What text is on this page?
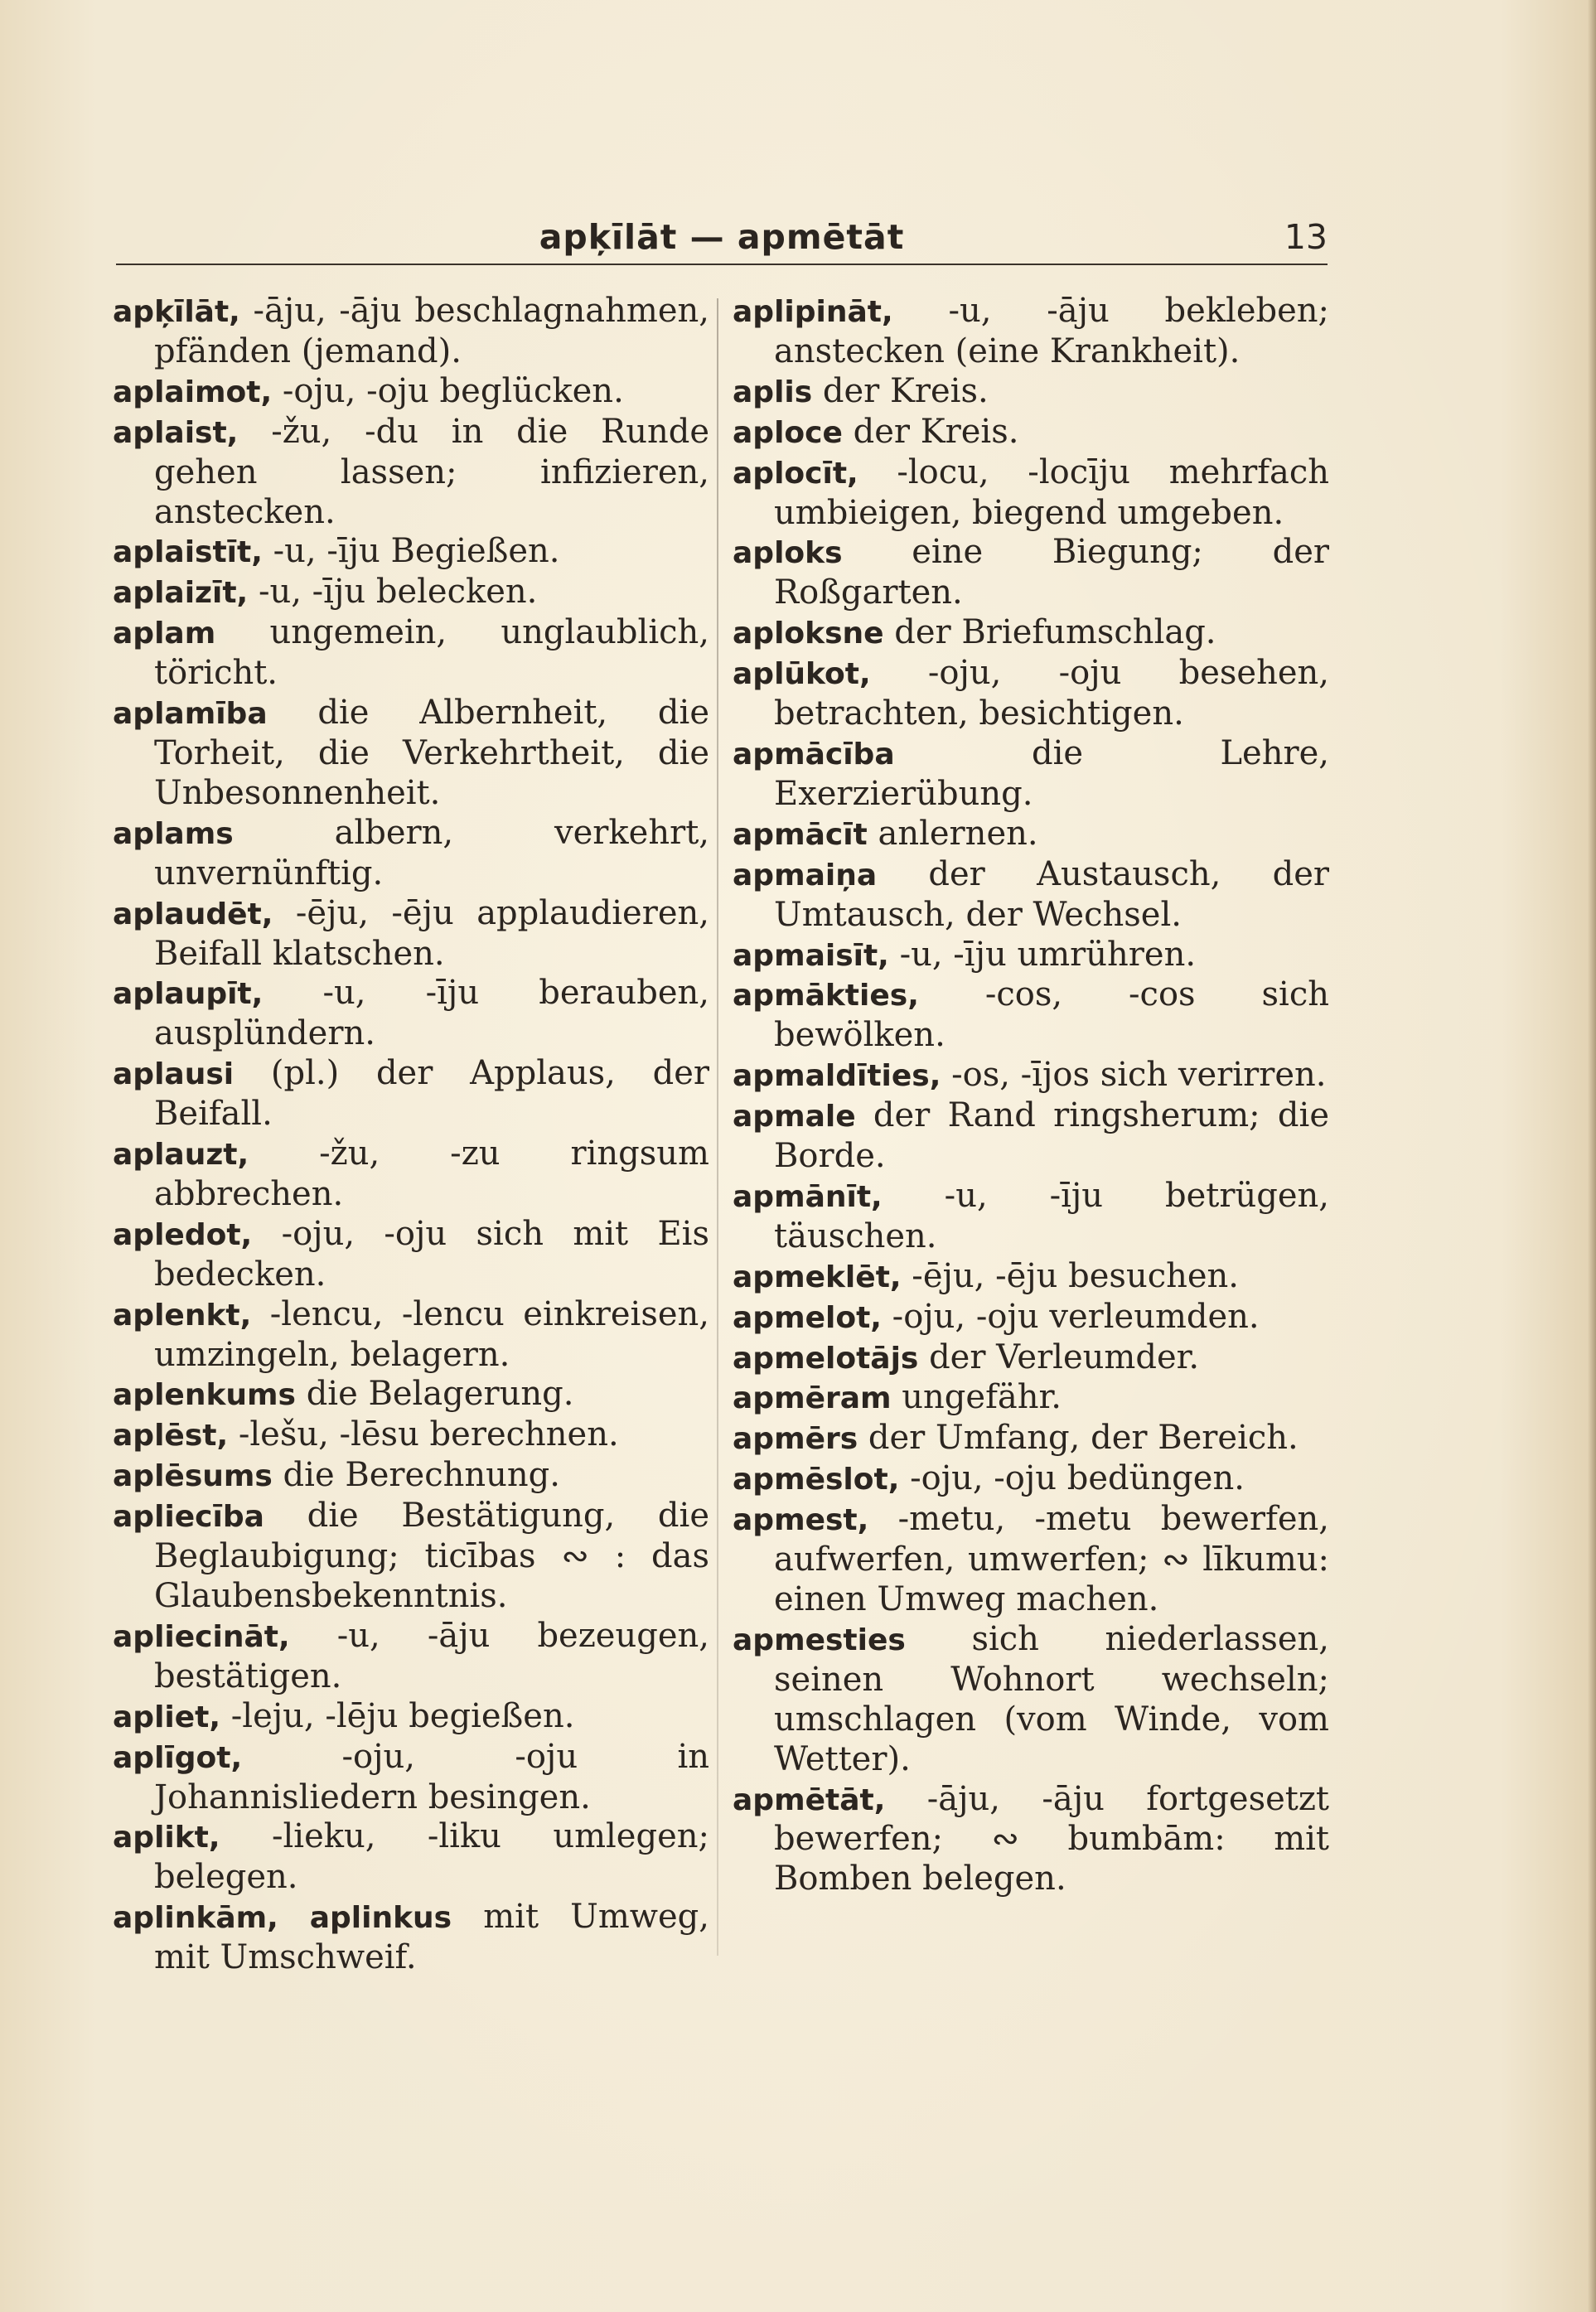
apķīlāt — apmētāt	13

apķīlāt, -āju, -āju beschlagnahmen, pfänden (jemand).

aplaimot, -oju, -oju beglücken.

aplaist, -žu, -du in die Runde gehen lassen; infizieren, anstecken.

aplaistīt, -u, -īju Begießen.

aplaizīt, -u, -īju belecken.

aplam ungemein, unglaublich, töricht.

aplamība die Albernheit, die Torheit, die Verkehrtheit, die Unbesonnenheit.

aplams	albern, verkehrt, unvernünftig.

aplaudēt, -ēju, -ēju applaudieren, Beifall klatschen.

aplaupīt, -u, -īju berauben, ausplündern.

aplausi (pl.) der Applaus, der Beifall.

aplauzt, -žu, -zu ringsum abbrechen.

apledot, -oju, -oju sich mit Eis bedecken.

aplenkt, -lencu, -lencu einkreisen, umzingeln, belagern.

aplenkums die Belagerung.

aplēst, -lešu, -lēsu berechnen.

aplēsums die Berechnung.

apliecība die Bestätigung, die Beglaubigung; ticības ∾ : das Glaubensbekenntnis.

apliecināt, -u, -āju bezeugen, bestätigen.

apliet, -leju, -lēju begießen.

aplīgot,	-oju, -oju in Johannisliedern besingen.

aplikt, -lieku, -liku umlegen; belegen.

aplinkām, aplinkus mit Umweg, mit Umschweif.

aplipināt, -u, -āju bekleben; anstecken (eine Krankheit).

aplis der Kreis.

aploce der Kreis.

aplocīt, -locu, -locīju mehrfach umbieigen, biegend umgeben.

aploks eine Biegung; der Roßgarten.

aploksne der Briefumschlag.

aplūkot, -oju, -oju besehen, betrachten, besichtigen.

apmācība	die Lehre, Exerzierübung.

apmācīt anlernen.

apmaiņa der Austausch, der Umtausch, der Wechsel.

apmaisīt, -u, -īju umrühren.

apmākties, -cos, -cos sich bewölken.

apmaldīties, -os, -ījos sich verirren.

apmale der Rand ringsherum; die Borde.

apmānīt, -u, -īju betrügen, täuschen.

apmeklēt, -ēju, -ēju besuchen.

apmelot, -oju, -oju verleumden.

apmelotājs der Verleumder.

apmēram ungefähr.

apmērs der Umfang, der Bereich.

apmēslot, -oju, -oju bedüngen.

apmest, -metu, -metu bewerfen, aufwerfen, umwerfen; ∾ līkumu: einen Umweg machen.

apmesties sich niederlassen, seinen Wohnort wechseln; umschlagen (vom Winde, vom Wetter).

apmētāt, -āju, -āju fortgesetzt bewerfen; ∾ bumbām: mit Bomben belegen.
